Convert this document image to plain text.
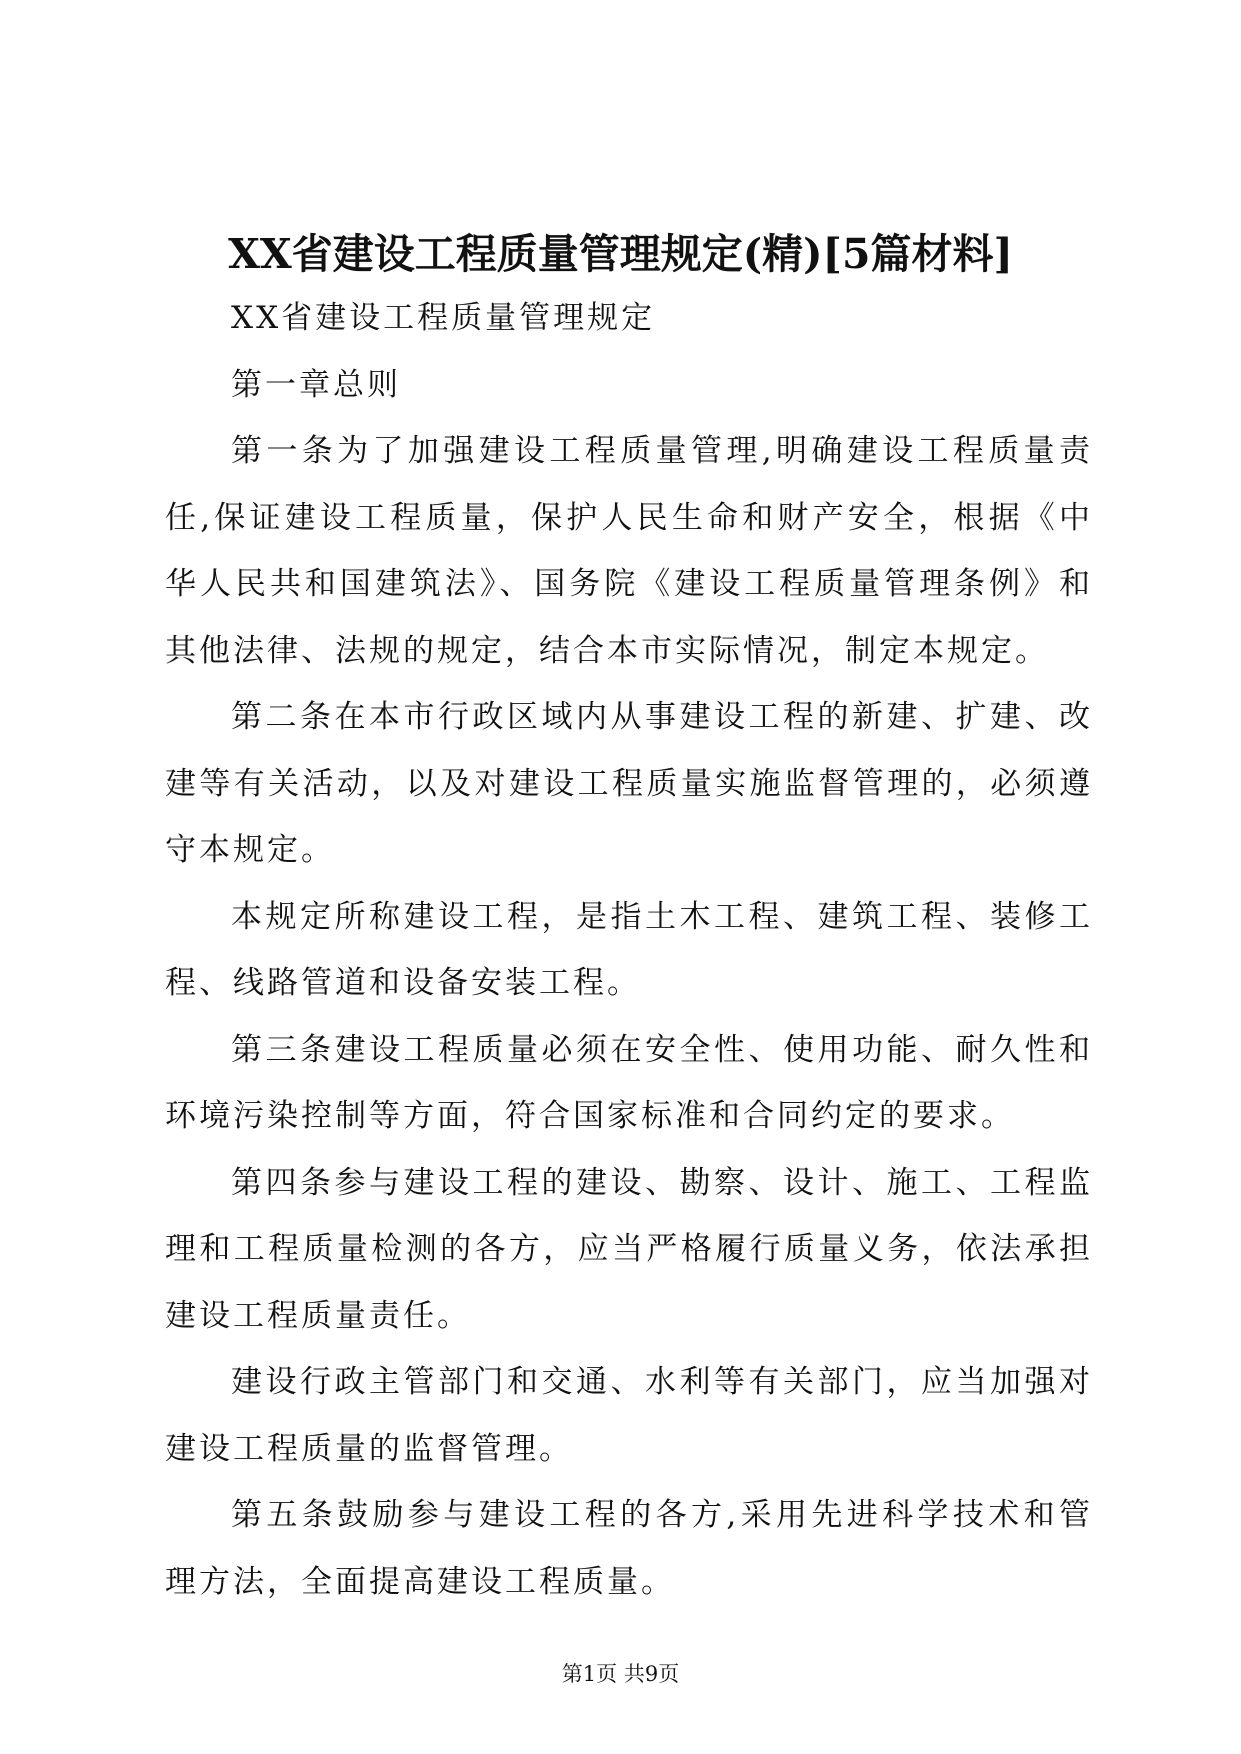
XX省建设工程质量管理规定(精)[5篇材料]

XX省建设工程质量管理规定

第一章总则

第一条为了加强建设工程质量管理,明确建设工程质量责任,保证建设工程质量，保护人民生命和财产安全，根据《中华人民共和国建筑法》、国务院《建设工程质量管理条例》和其他法律、法规的规定，结合本市实际情况，制定本规定。

第二条在本市行政区域内从事建设工程的新建、扩建、改建等有关活动，以及对建设工程质量实施监督管理的，必须遵守本规定。

本规定所称建设工程，是指土木工程、建筑工程、装修工程、线路管道和设备安装工程。

第三条建设工程质量必须在安全性、使用功能、耐久性和环境污染控制等方面，符合国家标准和合同约定的要求。

第四条参与建设工程的建设、勘察、设计、施工、工程监理和工程质量检测的各方，应当严格履行质量义务，依法承担建设工程质量责任。

建设行政主管部门和交通、水利等有关部门，应当加强对建设工程质量的监督管理。

第五条鼓励参与建设工程的各方,采用先进科学技术和管理方法，全面提高建设工程质量。

第1页 共9页
